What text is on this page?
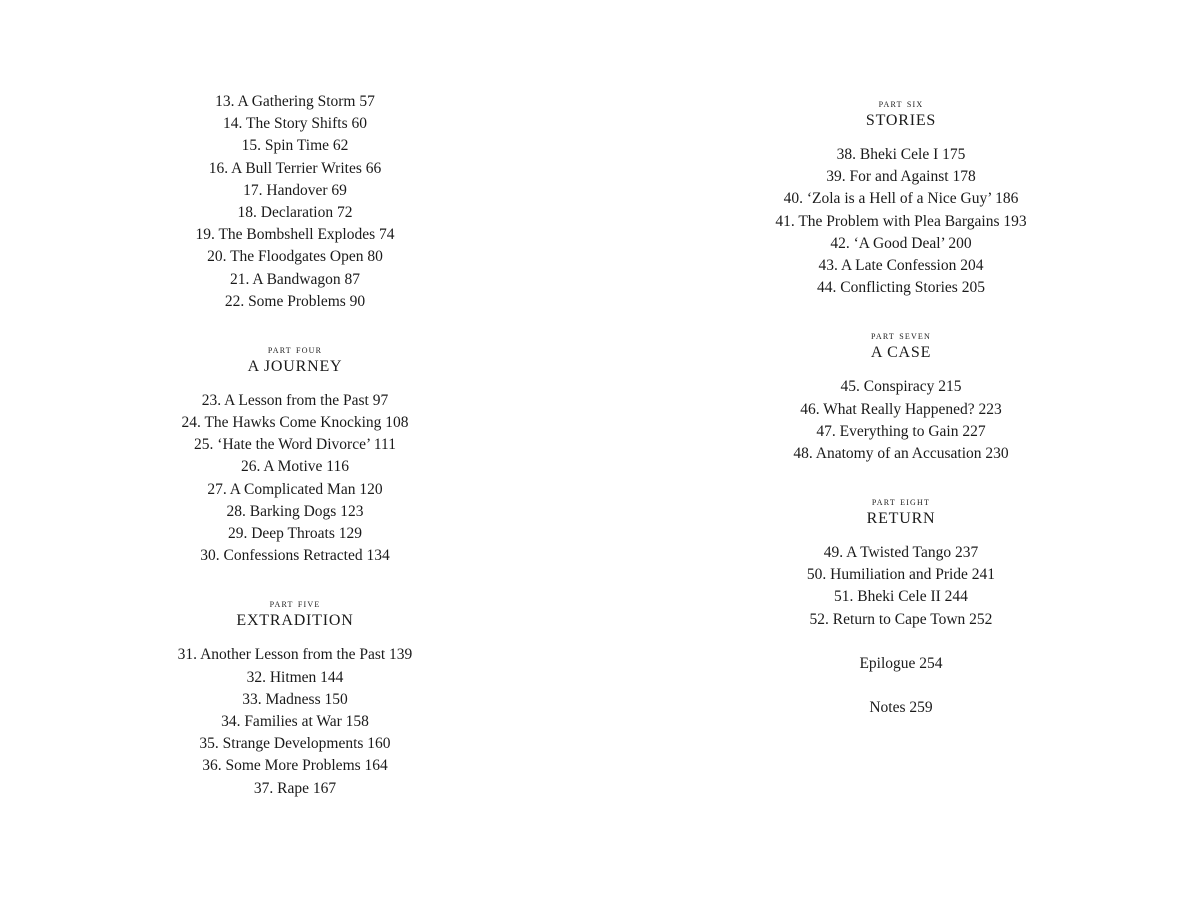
13. A Gathering Storm 57
14. The Story Shifts 60
15. Spin Time 62
16. A Bull Terrier Writes 66
17. Handover 69
18. Declaration 72
19. The Bombshell Explodes 74
20. The Floodgates Open 80
21. A Bandwagon 87
22. Some Problems 90
part four
A JOURNEY
23. A Lesson from the Past 97
24. The Hawks Come Knocking 108
25. ‘Hate the Word Divorce’ 111
26. A Motive 116
27. A Complicated Man 120
28. Barking Dogs 123
29. Deep Throats 129
30. Confessions Retracted 134
part five
EXTRADITION
31. Another Lesson from the Past 139
32. Hitmen 144
33. Madness 150
34. Families at War 158
35. Strange Developments 160
36. Some More Problems 164
37. Rape 167
part six
STORIES
38. Bheki Cele I 175
39. For and Against 178
40. ‘Zola is a Hell of a Nice Guy’ 186
41. The Problem with Plea Bargains 193
42. ‘A Good Deal’ 200
43. A Late Confession 204
44. Conflicting Stories 205
part seven
A CASE
45. Conspiracy 215
46. What Really Happened? 223
47. Everything to Gain 227
48. Anatomy of an Accusation 230
part eight
RETURN
49. A Twisted Tango 237
50. Humiliation and Pride 241
51. Bheki Cele II 244
52. Return to Cape Town 252
Epilogue 254
Notes 259
